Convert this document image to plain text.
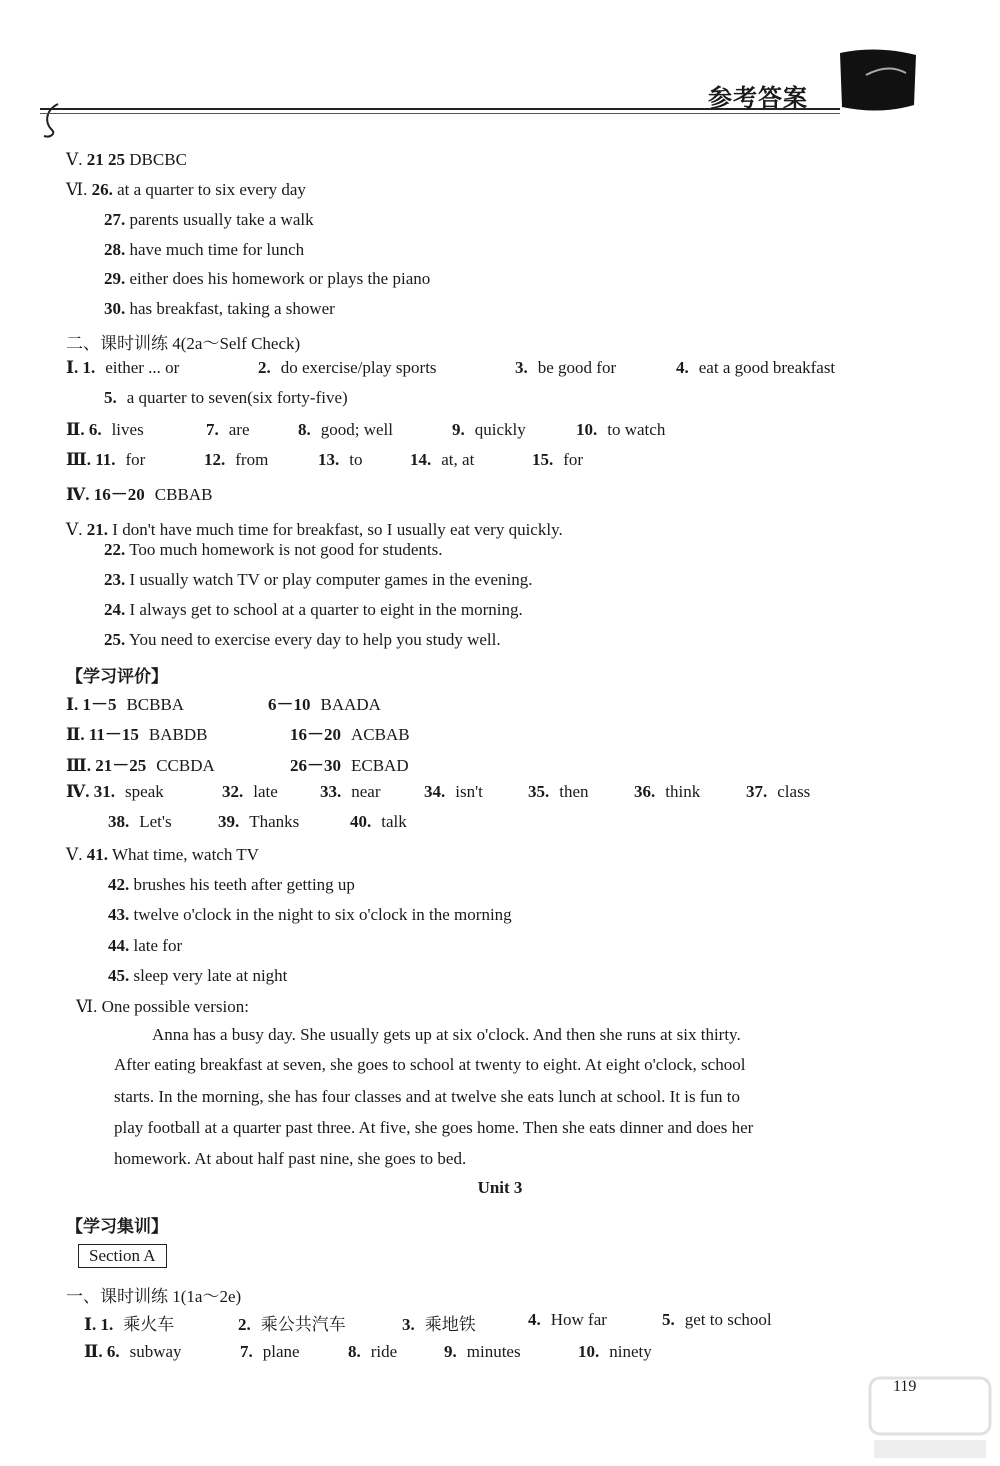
参考答案
Ⅴ. 21 25 DBCBC
Ⅵ. 26. at a quarter to six every day
27. parents usually take a walk
28. have much time for lunch
29. either does his homework or plays the piano
30. has breakfast, taking a shower
二、课时训练 4(2a～Self Check)
Ⅴ. 21. I don't have much time for breakfast, so I usually eat very quickly.
22. Too much homework is not good for students.
23. I usually watch TV or play computer games in the evening.
24. I always get to school at a quarter to eight in the morning.
25. You need to exercise every day to help you study well.
【学习评价】
Ⅴ. 41. What time, watch TV
42. brushes his teeth after getting up
43. twelve o'clock in the night to six o'clock in the morning
44. late for
45. sleep very late at night
Ⅵ. One possible version:
【学习集训】
一、课时训练 1(1a～2e)
Ⅰ. 1. either ... or	2. do exercise/play sports	3. be good for	4. eat a good breakfast
5. a quarter to seven(six forty-five)
Ⅱ. 6. lives	7. are	8. good; well	9. quickly	10. to watch
Ⅲ. 11. for	12. from	13. to	14. at, at	15. for
Ⅳ. 16－20 CBBAB
Ⅰ. 1－5 BCBBA	6－10 BAADA
Ⅱ. 11－15 BABDB	16－20 ACBAB
Ⅲ. 21－25 CCBDA	26－30 ECBAD
Ⅳ. 31. speak	32. late 33. near	34. isn't	35. then	36. think	37. class
38. Let's	39. Thanks	40. talk
Ⅰ. 1. 乘火车	2. 乘公共汽车	3. 乘地铁	4. How far	5. get to school
Ⅱ. 6. subway	7. plane	8. ride	9. minutes	10. ninety
Anna has a busy day. She usually gets up at six o'clock. And then she runs at six thirty.
After eating breakfast at seven, she goes to school at twenty to eight. At eight o'clock, school
starts. In the morning, she has four classes and at twelve she eats lunch at school. It is fun to
play football at a quarter past three. At five, she goes home. Then she eats dinner and does her
homework. At about half past nine, she goes to bed.
Unit 3
Section A
119
